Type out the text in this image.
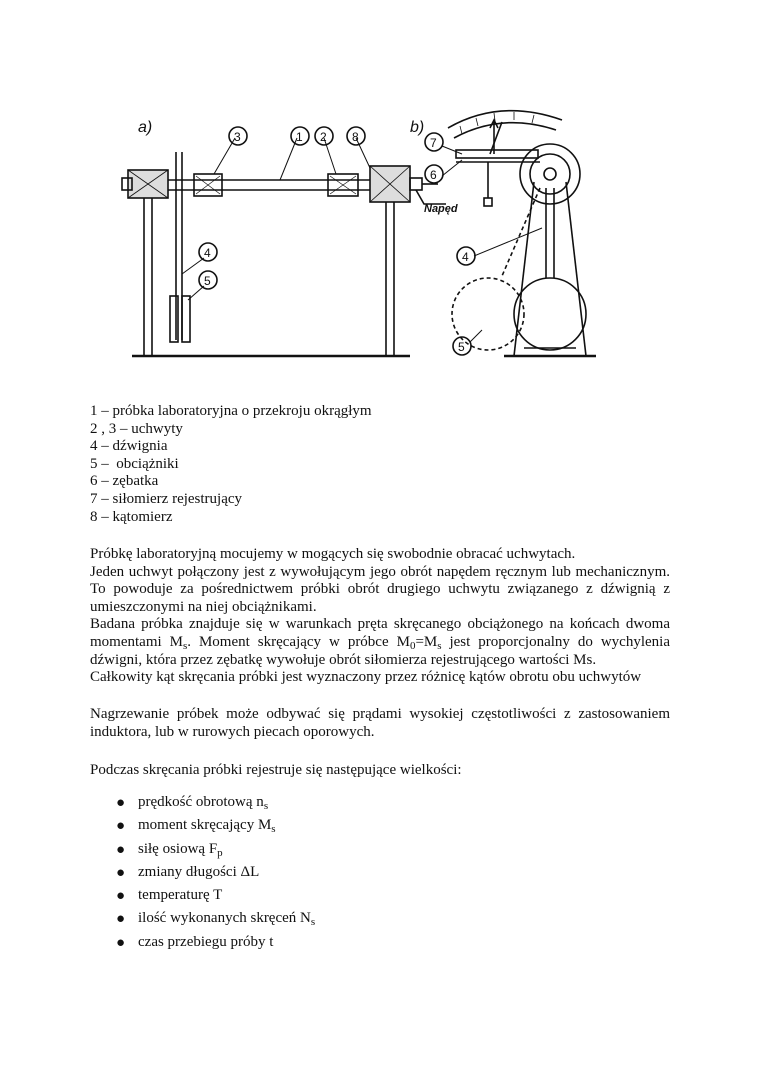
a)	b)
Napęd
3	1 2 8
4
5
7
6
4
5
1 – próbka laboratoryjna o przekroju okrągłym
2 , 3 – uchwyty
4 – dźwignia
5 –  obciążniki
6 – zębatka
7 – siłomierz rejestrujący
8 – kątomierz
Próbkę laboratoryjną mocujemy w mogących się swobodnie obracać uchwytach.
Jeden uchwyt połączony jest z wywołującym jego obrót napędem ręcznym lub mechanicznym. To powoduje za pośrednictwem próbki obrót drugiego uchwytu związanego z dźwignią z umieszczonymi na niej obciążnikami.
Badana próbka znajduje się w warunkach pręta skręcanego obciążonego na końcach dwoma momentami $M_s$. Moment skręcający w próbce $M_0=M_s$ jest proporcjonalny do wychylenia dźwigni, która przez zębatkę wywołuje obrót siłomierza rejestrującego wartości Ms.
Całkowity kąt skręcania próbki jest wyznaczony przez różnicę kątów obrotu obu uchwytów
Nagrzewanie próbek może odbywać się prądami wysokiej częstotliwości z zastosowaniem induktora, lub w rurowych piecach oporowych.
Podczas skręcania próbki rejestruje się następujące wielkości:
● prędkość obrotową $n_s$
● moment skręcający $M_s$
● siłę osiową $F_p$
● zmiany długości ΔL
● temperaturę T
● ilość wykonanych skręceń $N_s$
● czas przebiegu próby t
